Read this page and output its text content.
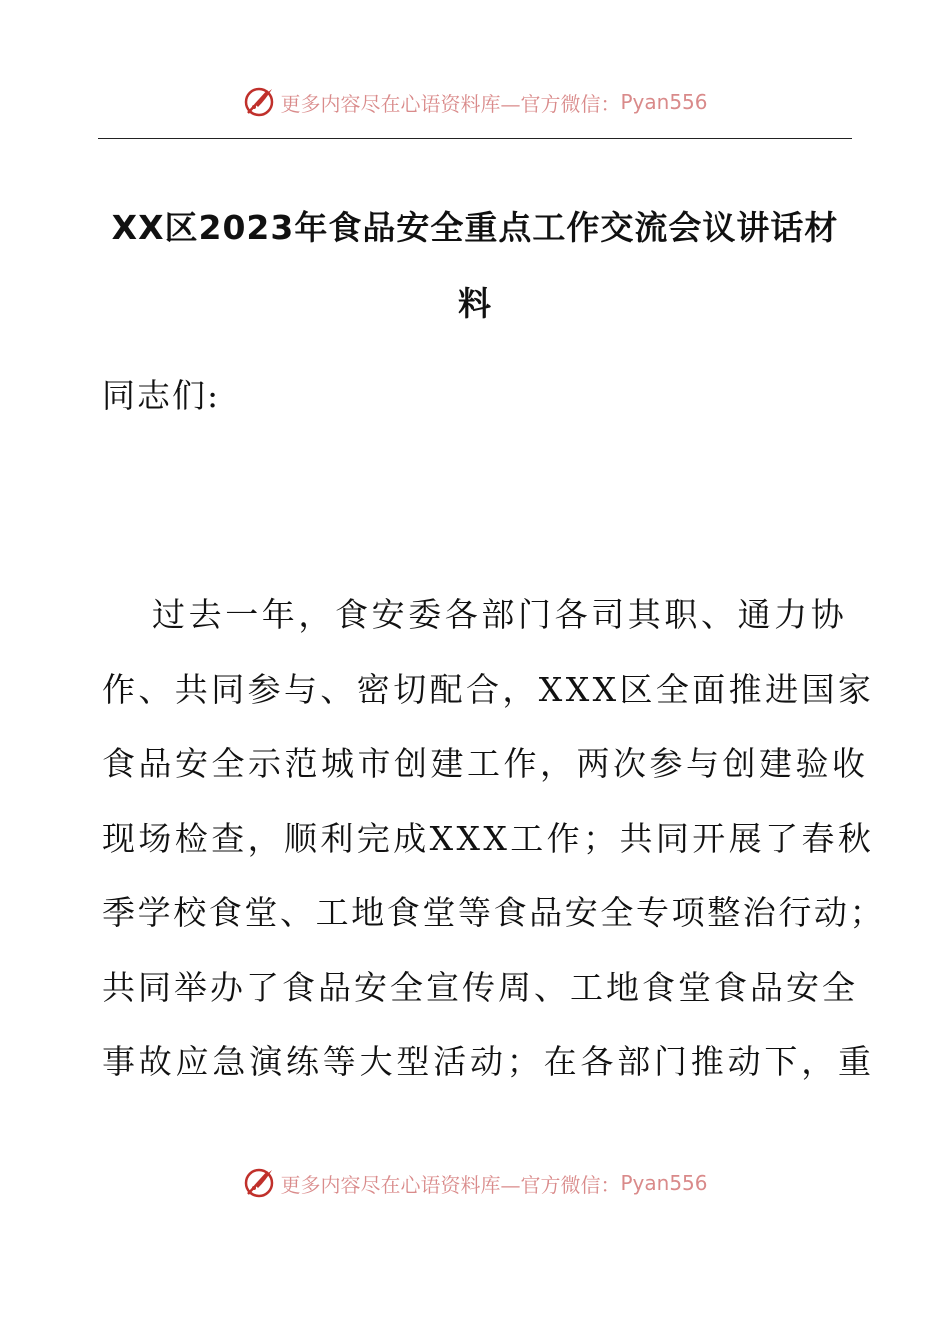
更多内容尽在心语资料库—官方微信： Pyan556
XX区2023年食品安全重点工作交流会议讲话材
料
同志们:
过去一年，食安委各部门各司其职、通力协
作、共同参与、密切配合，XXX区全面推进国家
食品安全示范城市创建工作，两次参与创建验收
现场检查，顺利完成XXX工作；共同开展了春秋
季学校食堂、工地食堂等食品安全专项整治行动；
共同举办了食品安全宣传周、工地食堂食品安全
事故应急演练等大型活动；在各部门推动下，重
更多内容尽在心语资料库—官方微信： Pyan556
